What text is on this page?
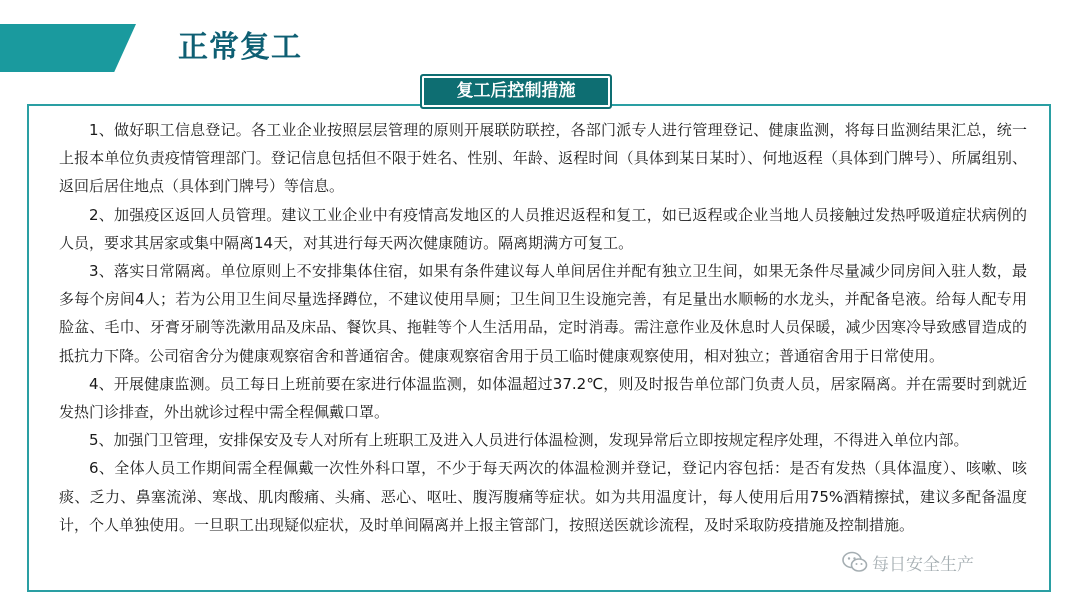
正常复工
复工后控制措施

1、做好职工信息登记。各工业企业按照层层管理的原则开展联防联控，各部门派专人进行管理登记、健康监测，将每日监测结果汇总，统一上报本单位负责疫情管理部门。登记信息包括但不限于姓名、性别、年龄、返程时间（具体到某日某时）、何地返程（具体到门牌号）、所属组别、返回后居住地点（具体到门牌号）等信息。

2、加强疫区返回人员管理。建议工业企业中有疫情高发地区的人员推迟返程和复工，如已返程或企业当地人员接触过发热呼吸道症状病例的人员，要求其居家或集中隔离14天，对其进行每天两次健康随访。隔离期满方可复工。

3、落实日常隔离。单位原则上不安排集体住宿，如果有条件建议每人单间居住并配有独立卫生间，如果无条件尽量减少同房间入驻人数，最多每个房间4人；若为公用卫生间尽量选择蹲位，不建议使用旱厕；卫生间卫生设施完善，有足量出水顺畅的水龙头，并配备皂液。给每人配专用脸盆、毛巾、牙膏牙刷等洗漱用品及床品、餐饮具、拖鞋等个人生活用品，定时消毒。需注意作业及休息时人员保暖，减少因寒冷导致感冒造成的抵抗力下降。公司宿舍分为健康观察宿舍和普通宿舍。健康观察宿舍用于员工临时健康观察使用，相对独立；普通宿舍用于日常使用。

4、开展健康监测。员工每日上班前要在家进行体温监测，如体温超过37.2℃，则及时报告单位部门负责人员，居家隔离。并在需要时到就近发热门诊排查，外出就诊过程中需全程佩戴口罩。

5、加强门卫管理，安排保安及专人对所有上班职工及进入人员进行体温检测，发现异常后立即按规定程序处理，不得进入单位内部。

6、全体人员工作期间需全程佩戴一次性外科口罩，不少于每天两次的体温检测并登记，登记内容包括：是否有发热（具体温度）、咳嗽、咳痰、乏力、鼻塞流涕、寒战、肌肉酸痛、头痛、恶心、呕吐、腹泻腹痛等症状。如为共用温度计，每人使用后用75%酒精擦拭，建议多配备温度计，个人单独使用。一旦职工出现疑似症状，及时单间隔离并上报主管部门，按照送医就诊流程，及时采取防疫措施及控制措施。

每日安全生产
